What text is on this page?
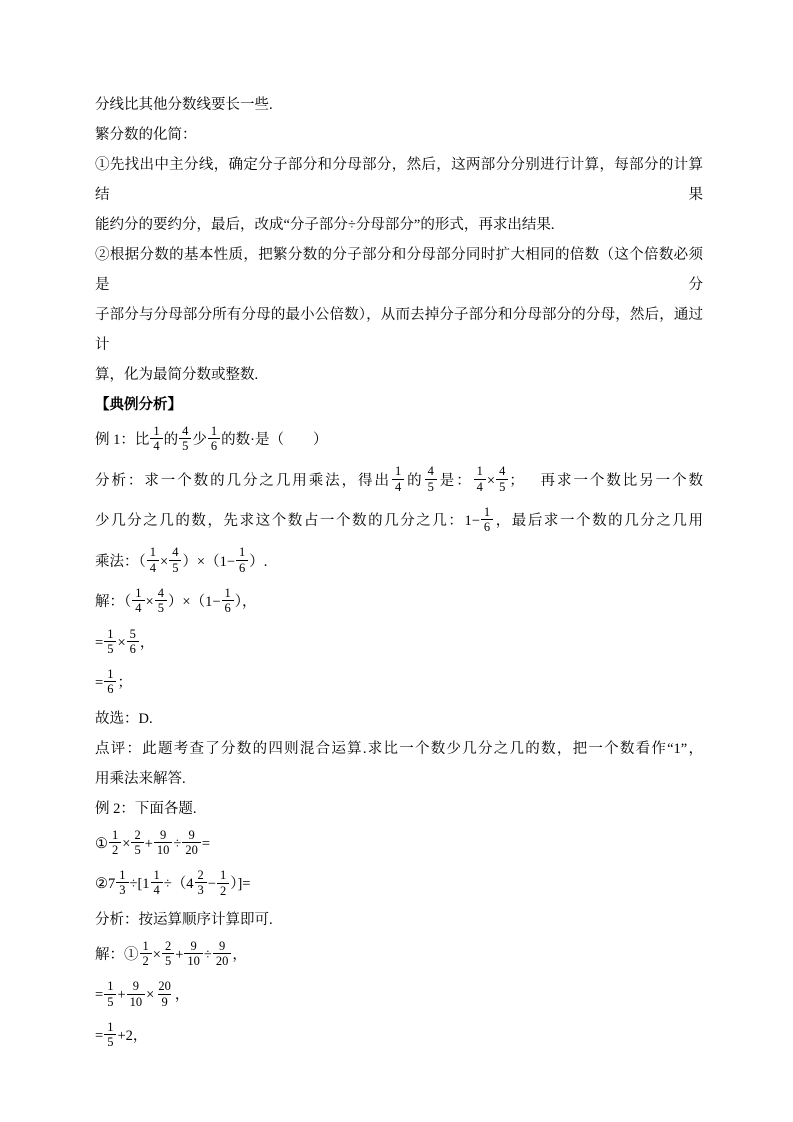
分线比其他分数线要长一些.
繁分数的化简：
①先找出中主分线，确定分子部分和分母部分，然后，这两部分分别进行计算，每部分的计算结果
能约分的要约分，最后，改成“分子部分÷分母部分”的形式，再求出结果.
②根据分数的基本性质，把繁分数的分子部分和分母部分同时扩大相同的倍数（这个倍数必须是分
子部分与分母部分所有分母的最小公倍数），从而去掉分子部分和分母部分的分母，然后，通过计
算，化为最简分数或整数.
【典例分析】
例 1：比 $\frac{1}{4}$ 的 $\frac{4}{5}$ 少 $\frac{1}{6}$ 的数·是（　　）
分析：求一个数的几分之几用乘法，得出 $\frac{1}{4}$ 的 $\frac{4}{5}$ 是： $\frac{1}{4} \times \frac{4}{5}$ ；　 再求一个数比另一个数
少几分之几的数，先求这个数占一个数的几分之几：$1- \frac{1}{6}$ ，最后求一个数的几分之几用
乘法：（ $\frac{1}{4} \times \frac{4}{5} )\times(1- \frac{1}{6}$ ）.
解：（ $\frac{1}{4} \times \frac{4}{5} )\times(1- \frac{1}{6}$ ），
= $\frac{1}{5} \times \frac{5}{6}$ ，
= $\frac{1}{6}$ ；
故选：D.
点评：此题考查了分数的四则混合运算.求比一个数少几分之几的数，把一个数看作“1”，
用乘法来解答.
例 2：下面各题.
① $\frac{1}{2} \times \frac{2}{5} + \frac{9}{10} \div \frac{9}{20}$ =
② $7 \frac{1}{3}$ ÷[ $1 \frac{1}{4}$ ÷（ $4 \frac{2}{3} - \frac{1}{2}$ ）]=
分析：按运算顺序计算即可.
解：① $\frac{1}{2} \times \frac{2}{5} + \frac{9}{10} \div \frac{9}{20}$ ，
= $\frac{1}{5} + \frac{9}{10} \times \frac{20}{9}$ ，
= $\frac{1}{5} +2$，
